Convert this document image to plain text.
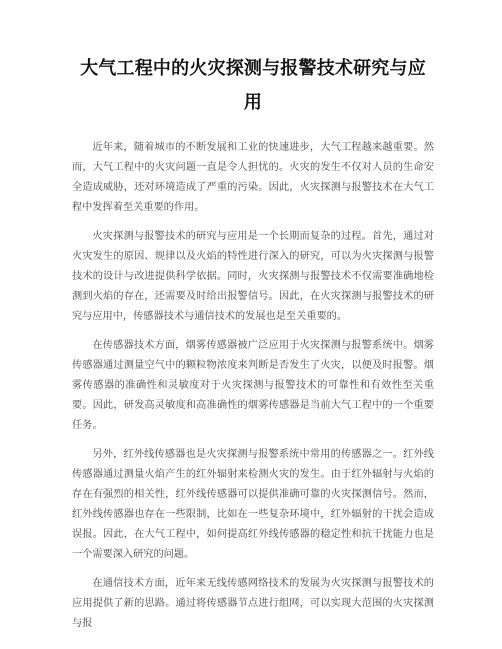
大气工程中的火灾探测与报警技术研究与应用

近年来，随着城市的不断发展和工业的快速进步，大气工程越来越重要。然而，大气工程中的火灾问题一直是令人担忧的。火灾的发生不仅对人员的生命安全造成威胁，还对环境造成了严重的污染。因此，火灾探测与报警技术在大气工程中发挥着至关重要的作用。

火灾探测与报警技术的研究与应用是一个长期而复杂的过程。首先，通过对火灾发生的原因、规律以及火焰的特性进行深入的研究，可以为火灾探测与报警技术的设计与改进提供科学依据。同时，火灾探测与报警技术不仅需要准确地检测到火焰的存在，还需要及时给出报警信号。因此，在火灾探测与报警技术的研究与应用中，传感器技术与通信技术的发展也是至关重要的。

在传感器技术方面，烟雾传感器被广泛应用于火灾探测与报警系统中。烟雾传感器通过测量空气中的颗粒物浓度来判断是否发生了火灾，以便及时报警。烟雾传感器的准确性和灵敏度对于火灾探测与报警技术的可靠性和有效性至关重要。因此，研发高灵敏度和高准确性的烟雾传感器是当前大气工程中的一个重要任务。

另外，红外线传感器也是火灾探测与报警系统中常用的传感器之一。红外线传感器通过测量火焰产生的红外辐射来检测火灾的发生。由于红外辐射与火焰的存在有强烈的相关性，红外线传感器可以提供准确可靠的火灾探测信号。然而，红外线传感器也存在一些限制，比如在一些复杂环境中，红外辐射的干扰会造成误报。因此，在大气工程中，如何提高红外线传感器的稳定性和抗干扰能力也是一个需要深入研究的问题。

在通信技术方面，近年来无线传感网络技术的发展为火灾探测与报警技术的应用提供了新的思路。通过将传感器节点进行组网，可以实现大范围的火灾探测与报
